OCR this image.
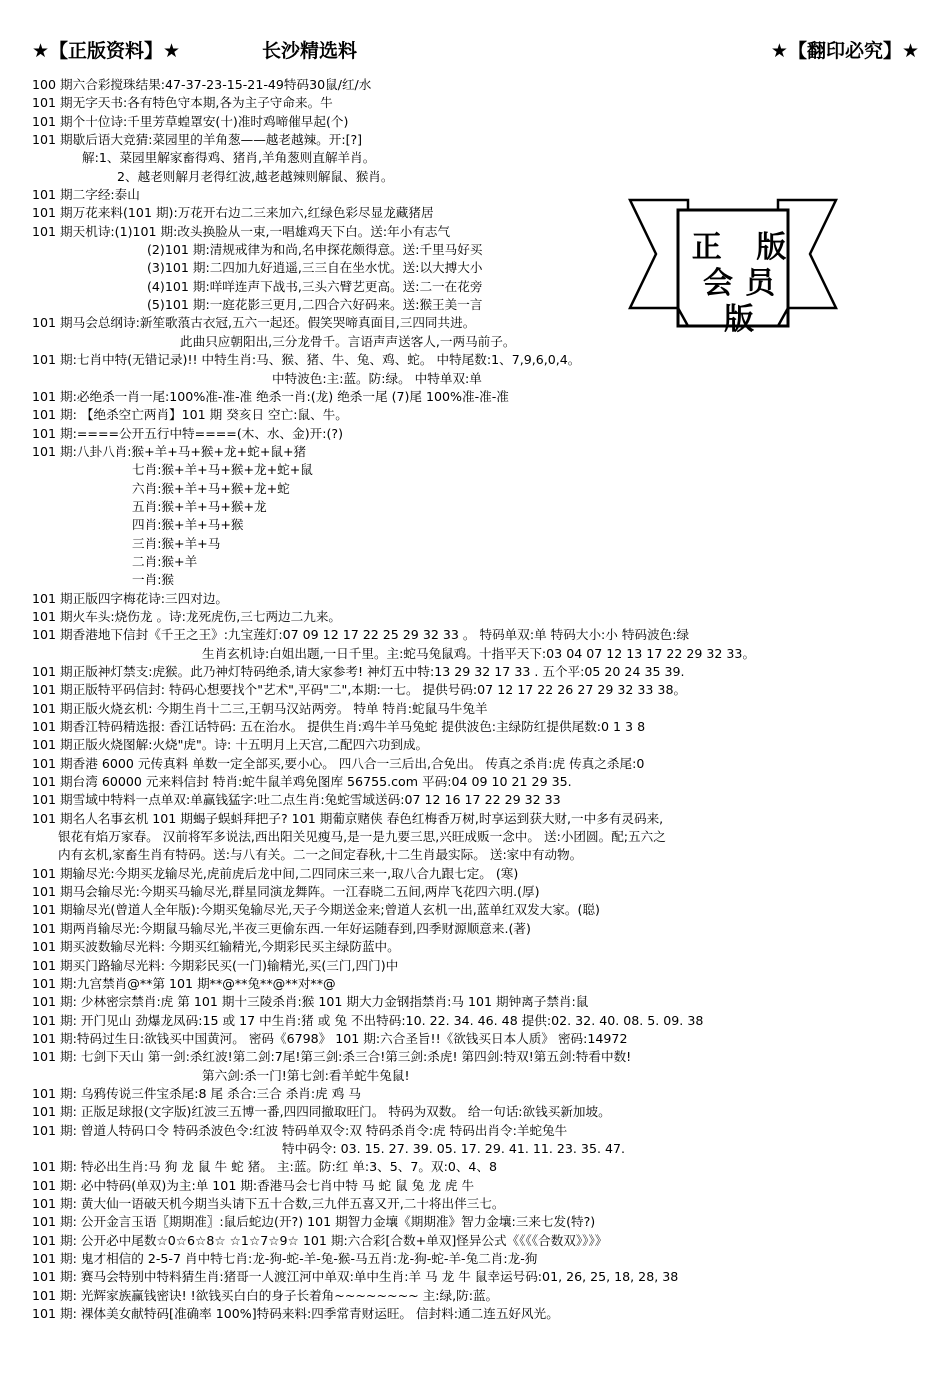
★【正版资料】★	长沙精选料	★【翻印必究】★
正 版
会员版
100 期六合彩搅珠结果:47-37-23-15-21-49特码30鼠/红/水
101 期无字天书:各有特色守本期,各为主子守命来。牛
101 期个十位诗:千里芳草蝗罩安(十)准时鸡啼催早起(个)
101 期歇后语大竞猜:菜园里的羊角葱——越老越辣。开:[?]
解:1、菜园里解家畜得鸡、猪肖,羊角葱则直解羊肖。
2、越老则解月老得红波,越老越辣则解鼠、猴肖。
101 期二字经:泰山
101 期万花来料(101 期):万花开右边二三来加六,红绿色彩尽显龙藏猪居
101 期天机诗:(1)101 期:改头换脸从一束,一唱雄鸡天下白。送:年小有志气
(2)101 期:清规戒律为和尚,名申探花颇得意。送:千里马好买
(3)101 期:二四加九好逍遥,三三自在坐水忧。送:以大搏大小
(4)101 期:咩咩连声下战书,三头六臂艺更高。送:二一在花旁
(5)101 期:一庭花影三更月,二四合六好码来。送:猴王美一言
101 期马会总纲诗:新笙歌蒗古衣冠,五六一起还。假笑哭啼真面目,三四同共进。
此曲只应朝阳出,三分龙骨千。言语声声送客人,一两马前子。
101 期:七肖中特(无错记录)!! 中特生肖:马、猴、猪、牛、兔、鸡、蛇。 中特尾数:1、7,9,6,0,4。
中特波色:主:蓝。防:绿。 中特单双:单
101 期:必绝杀一肖一尾:100%准-准-准 绝杀一肖:(龙) 绝杀一尾 (7)尾 100%准-准-准
101 期: 【绝杀空亡两肖】101 期 癸亥日 空亡:鼠、牛。
101 期:====公开五行中特====(木、水、金)开:(?)
101 期:八卦八肖:猴+羊+马+猴+龙+蛇+鼠+猪
七肖:猴+羊+马+猴+龙+蛇+鼠
六肖:猴+羊+马+猴+龙+蛇
五肖:猴+羊+马+猴+龙
四肖:猴+羊+马+猴
三肖:猴+羊+马
二肖:猴+羊
一肖:猴
101 期正版四字梅花诗:三四对边。
101 期火车头:烧伤龙 。诗:龙死虎伤,三七两边二九来。
101 期香港地下信封《千王之王》:九宝莲灯:07 09 12 17 22 25 29 32 33 。 特码单双:单 特码大小:小 特码波色:绿
生肖玄机诗:白姐出题,一日千里。主:蛇马兔鼠鸡。十指平天下:03 04 07 12 13 17 22 29 32 33。
101 期正版神灯禁支:虎猴。此乃神灯特码绝杀,请大家参考! 神灯五中特:13 29 32 17 33 . 五个平:05 20 24 35 39.
101 期正版特平码信封: 特码心想要找个"艺术",平码"二",本期:一七。 提供号码:07 12 17 22 26 27 29 32 33 38。
101 期正版火烧玄机: 今期生肖十二三,王朝马汉站两旁。 特单 特肖:蛇鼠马牛兔羊
101 期香江特码精选报: 香江话特码: 五在治水。 提供生肖:鸡牛羊马兔蛇 提供波色:主绿防红提供尾数:0 1 3 8
101 期正版火烧图解:火烧"虎"。诗: 十五明月上天宫,二配四六功到成。
101 期香港 6000 元传真料 单数一定全部买,要小心。 四八合一三后出,合免出。 传真之杀肖:虎 传真之杀尾:0
101 期台湾 60000 元来料信封 特肖:蛇牛鼠羊鸡免图库 56755.com 平码:04 09 10 21 29 35.
101 期雪域中特料一点单双:单赢钱猛字:吐二点生肖:兔蛇雪域送码:07 12 16 17 22 29 32 33
101 期名人名事玄机 101 期蝎子蜈蚪拜把子? 101 期葡京赌侠 春色红梅香万树,时享运到获大财,一中多有灵码来,
银花有焰万家春。 汉前将军多说法,西出阳关见瘦马,是一是九要三思,兴旺成贩一念中。 送:小团圆。配;五六之
内有玄机,家畜生肖有特码。送:与八有关。二一之间定春秋,十二生肖最实际。 送:家中有动物。
101 期输尽光:今期买龙输尽光,虎前虎后龙中间,二四同床三来一,取八合九跟七定。 (寒)
101 期马会输尽光:今期买马输尽光,群星同演龙舞阵。一江春晓二五间,两岸飞花四六明.(厚)
101 期输尽光(曾道人全年版):今期买兔输尽光,天子今期送金来;曾道人玄机一出,蓝单红双发大家。(聪)
101 期两肖输尽光:今期鼠马输尽光,半夜三更偷东西.一年好运随春到,四季财源顺意来.(著)
101 期买波数输尽光料: 今期买红输精光,今期彩民买主绿防蓝中。
101 期买门路输尽光料: 今期彩民买(一门)输精光,买(三门,四门)中
101 期:九宫禁肖@**第 101 期**@**兔**@**对**@
101 期: 少林密宗禁肖:虎 第 101 期十三陵杀肖:猴 101 期大力金钢指禁肖:马 101 期钟离子禁肖:鼠
101 期: 开门见山 劲爆龙凤码:15 或 17 中生肖:猪 或 兔 不出特码:10. 22. 34. 46. 48 提供:02. 32. 40. 08. 5. 09. 38
101 期:特码过生日:欲钱买中国黄河。 密码《6798》 101 期:六合圣旨!!《欲钱买日本人质》 密码:14972
101 期: 七剑下天山 第一剑:杀红波!第二剑:7尾!第三剑:杀三合!第三剑:杀虎! 第四剑:特双!第五剑:特看中数!
第六剑:杀一门!第七剑:看羊蛇牛兔鼠!
101 期: 乌鸦传说三件宝杀尾:8 尾 杀合:三合 杀肖:虎 鸡 马
101 期: 正版足球报(文字版)红波三五博一番,四四同撤取旺门。 特码为双数。 给一句话:欲钱买新加坡。
101 期: 曾道人特码口令 特码杀波色令:红波 特码单双令:双 特码杀肖令:虎 特码出肖令:羊蛇兔牛
特中码令: 03. 15. 27. 39. 05. 17. 29. 41. 11. 23. 35. 47.
101 期: 特必出生肖:马 狗 龙 鼠 牛 蛇 猪。 主:蓝。防:红 单:3、5、7。双:0、4、8
101 期: 必中特码(单双)为主:单 101 期:香港马会七肖中特 马 蛇 鼠 兔 龙 虎 牛
101 期: 黄大仙一语破天机今期当头请下五十合数,三九伴五喜又开,二十将出伴三七。
101 期: 公开金言玉语〖期期准〗:鼠后蛇边(开?) 101 期智力金壤《期期准》智力金壤:三来七发(特?)
101 期: 公开必中尾数☆0☆6☆8☆ ☆1☆7☆9☆ 101 期:六合彩[合数+单双]怪异公式《《《《合数双》》》》
101 期: 鬼才相信的 2-5-7 肖中特七肖:龙-狗-蛇-羊-兔-猴-马五肖:龙-狗-蛇-羊-兔二肖:龙-狗
101 期: 赛马会特别中特料猜生肖:猪哥一人渡江河中单双:单中生肖:羊 马 龙 牛 鼠幸运号码:01, 26, 25, 18, 28, 38
101 期: 光辉家族赢钱密诀! !欲钱买白白的身子长着角~~~~~~~~ 主:绿,防:蓝。
101 期: 裸体美女献特码[准确率 100%]特码来料:四季常青财运旺。 信封料:通二连五好风光。
